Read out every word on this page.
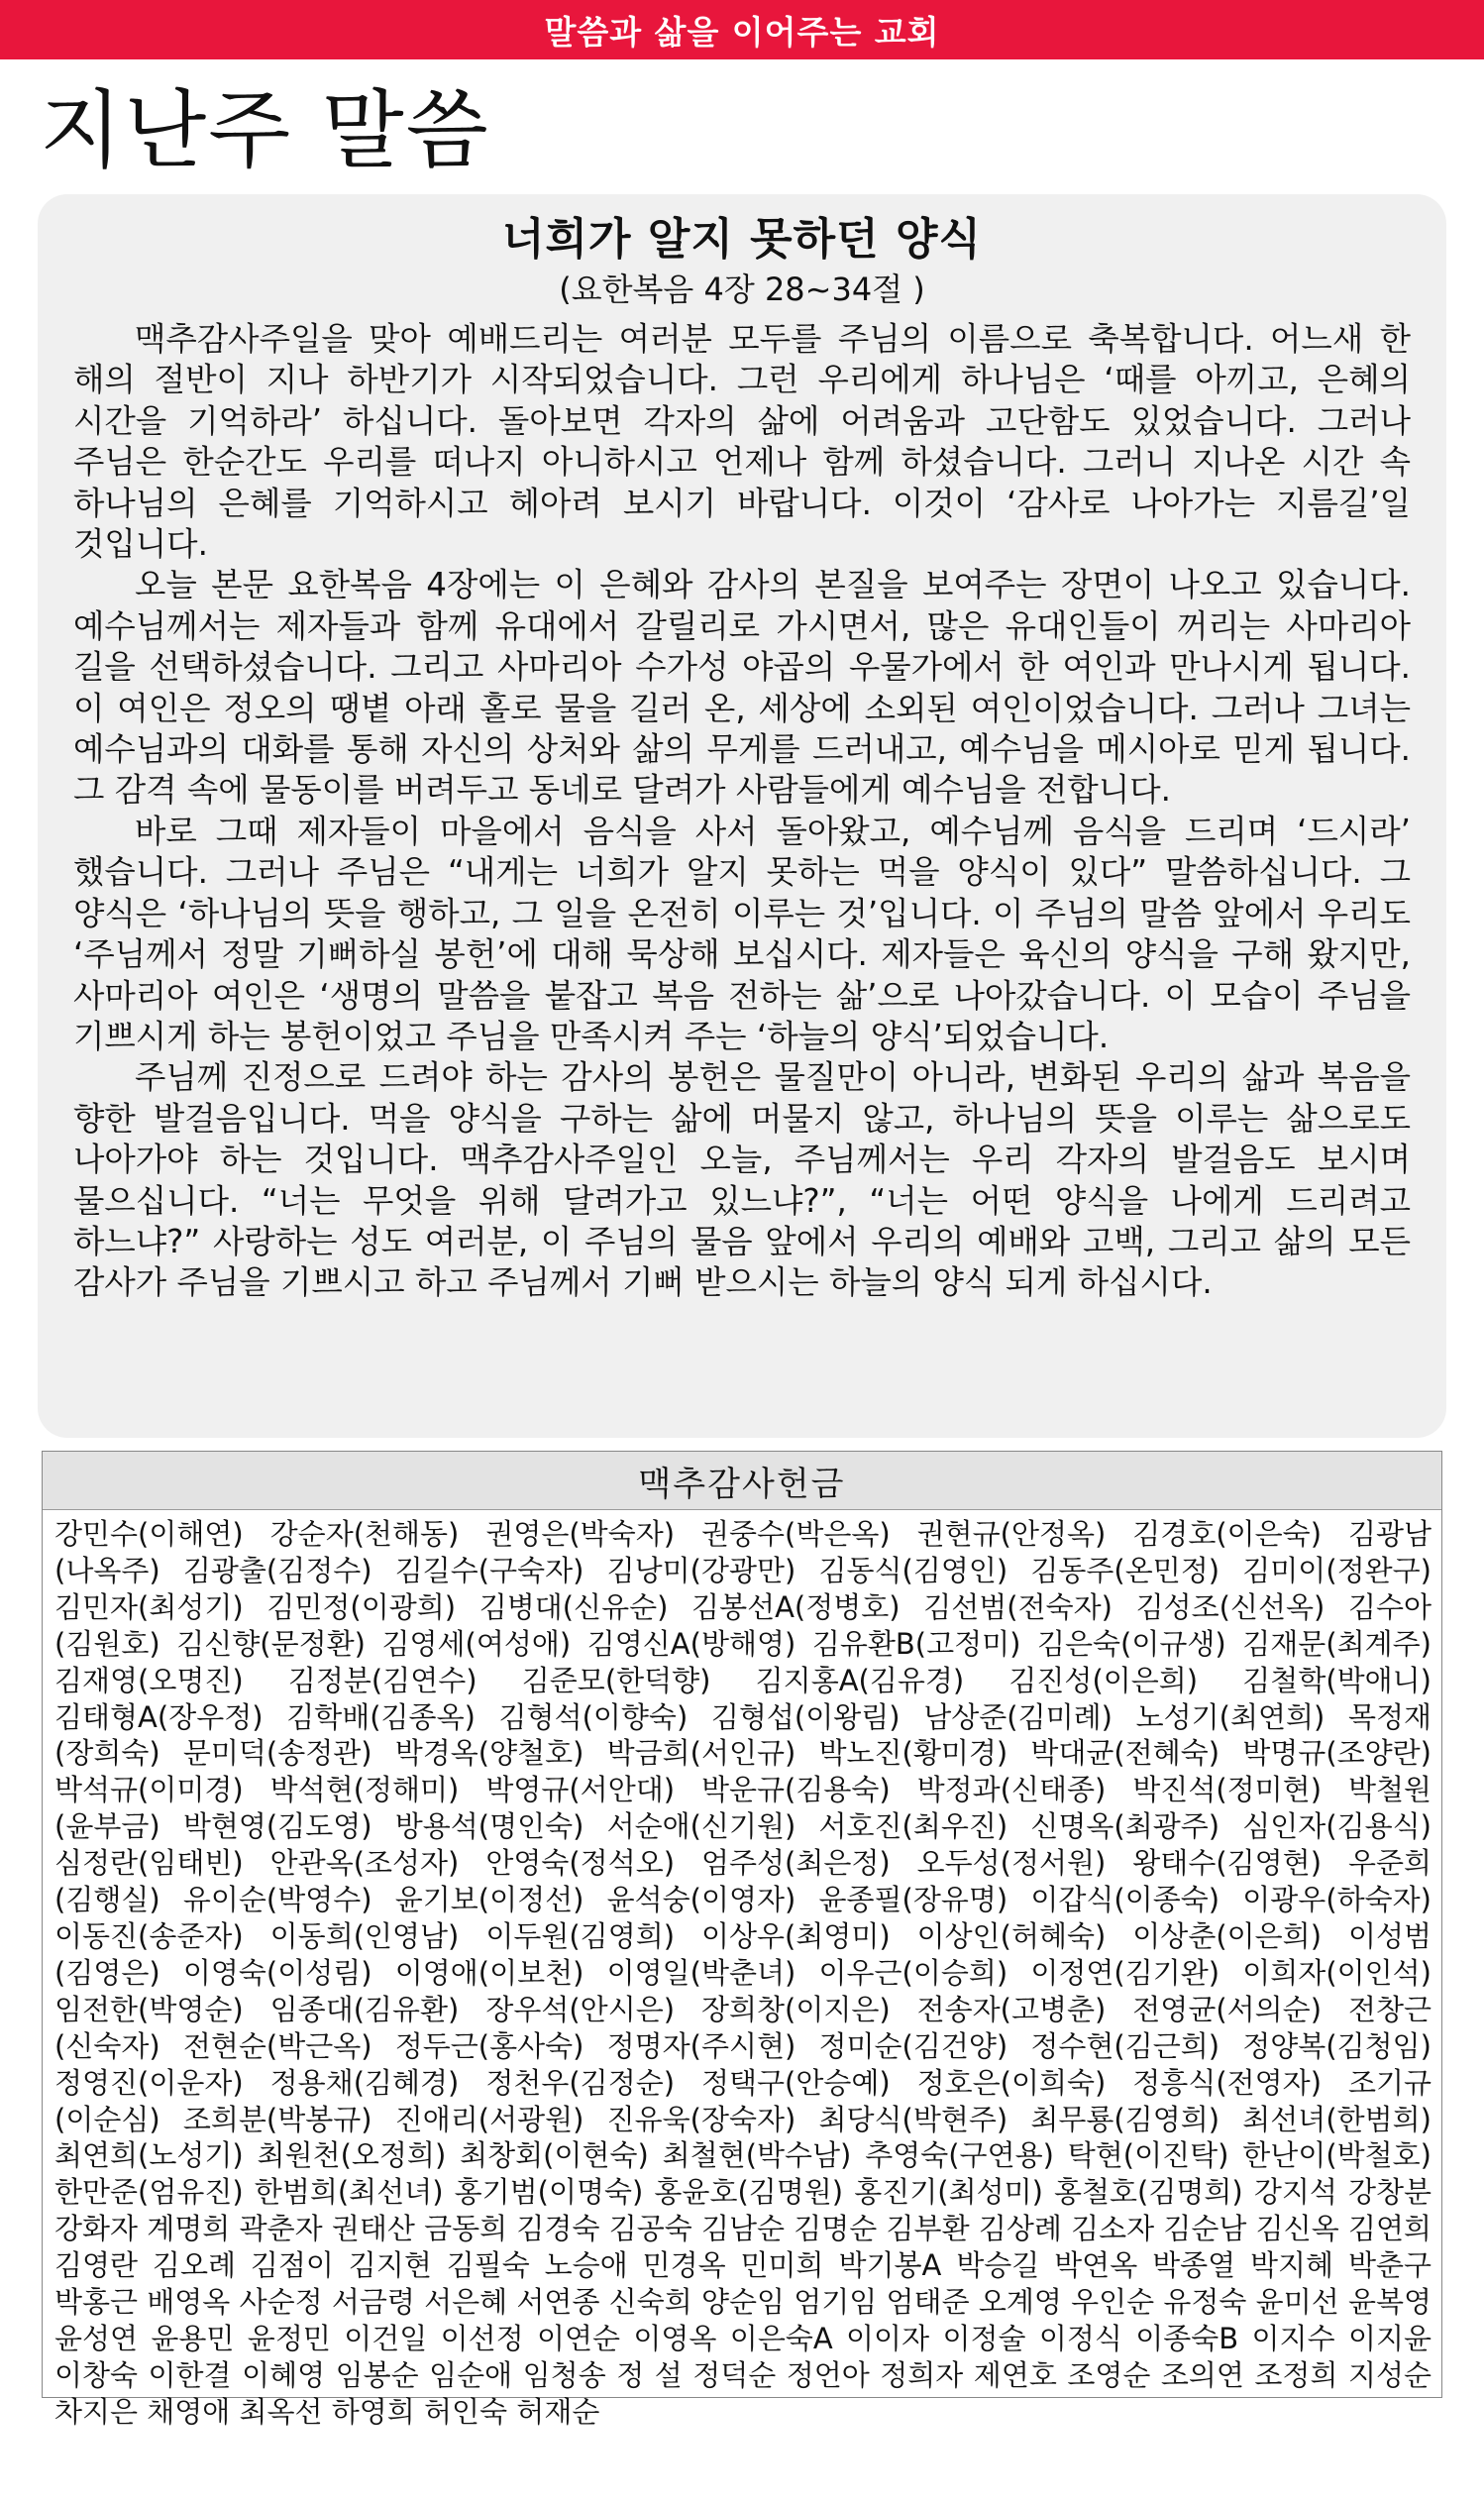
말씀과 삶을 이어주는 교회
지난주 말씀
너희가 알지 못하던 양식
(요한복음 4장 28~34절 )

맥추감사주일을 맞아 예배드리는 여러분 모두를 주님의 이름으로 축복합니다. 어느새 한 해의 절반이 지나 하반기가 시작되었습니다. 그런 우리에게 하나님은 ‘때를 아끼고, 은혜의 시간을 기억하라’ 하십니다. 돌아보면 각자의 삶에 어려움과 고단함도 있었습니다. 그러나 주님은 한순간도 우리를 떠나지 아니하시고 언제나 함께 하셨습니다. 그러니 지나온 시간 속 하나님의 은혜를 기억하시고 헤아려 보시기 바랍니다. 이것이 ‘감사로 나아가는 지름길’일 것입니다.

오늘 본문 요한복음 4장에는 이 은혜와 감사의 본질을 보여주는 장면이 나오고 있습니다. 예수님께서는 제자들과 함께 유대에서 갈릴리로 가시면서, 많은 유대인들이 꺼리는 사마리아 길을 선택하셨습니다. 그리고 사마리아 수가성 야곱의 우물가에서 한 여인과 만나시게 됩니다. 이 여인은 정오의 땡볕 아래 홀로 물을 길러 온, 세상에 소외된 여인이었습니다. 그러나 그녀는 예수님과의 대화를 통해 자신의 상처와 삶의 무게를 드러내고, 예수님을 메시아로 믿게 됩니다. 그 감격 속에 물동이를 버려두고 동네로 달려가 사람들에게 예수님을 전합니다.

바로 그때 제자들이 마을에서 음식을 사서 돌아왔고, 예수님께 음식을 드리며 ‘드시라’ 했습니다. 그러나 주님은 “내게는 너희가 알지 못하는 먹을 양식이 있다” 말씀하십니다. 그 양식은 ‘하나님의 뜻을 행하고, 그 일을 온전히 이루는 것’입니다. 이 주님의 말씀 앞에서 우리도 ‘주님께서 정말 기뻐하실 봉헌’에 대해 묵상해 보십시다. 제자들은 육신의 양식을 구해 왔지만, 사마리아 여인은 ‘생명의 말씀을 붙잡고 복음 전하는 삶’으로 나아갔습니다. 이 모습이 주님을 기쁘시게 하는 봉헌이었고 주님을 만족시켜 주는 ‘하늘의 양식’되었습니다.

주님께 진정으로 드려야 하는 감사의 봉헌은 물질만이 아니라, 변화된 우리의 삶과 복음을 향한 발걸음입니다. 먹을 양식을 구하는 삶에 머물지 않고, 하나님의 뜻을 이루는 삶으로도 나아가야 하는 것입니다. 맥추감사주일인 오늘, 주님께서는 우리 각자의 발걸음도 보시며 물으십니다. “너는 무엇을 위해 달려가고 있느냐?”, “너는 어떤 양식을 나에게 드리려고 하느냐?” 사랑하는 성도 여러분, 이 주님의 물음 앞에서 우리의 예배와 고백, 그리고 삶의 모든 감사가 주님을 기쁘시고 하고 주님께서 기뻐 받으시는 하늘의 양식 되게 하십시다.

맥추감사헌금
강민수(이해연) 강순자(천해동) 권영은(박숙자) 권중수(박은옥) 권현규(안정옥) 김경호(이은숙) 김광남(나옥주) 김광출(김정수) 김길수(구숙자) 김낭미(강광만) 김동식(김영인) 김동주(온민정) 김미이(정완구) 김민자(최성기) 김민정(이광희) 김병대(신유순) 김봉선A(정병호) 김선범(전숙자) 김성조(신선옥) 김수아(김원호) 김신향(문정환) 김영세(여성애) 김영신A(방해영) 김유환B(고정미) 김은숙(이규생) 김재문(최계주) 김재영(오명진) 김정분(김연수) 김준모(한덕향) 김지홍A(김유경) 김진성(이은희) 김철학(박애니) 김태형A(장우정) 김학배(김종옥) 김형석(이향숙) 김형섭(이왕림) 남상준(김미례) 노성기(최연희) 목정재(장희숙) 문미덕(송정관) 박경옥(양철호) 박금희(서인규) 박노진(황미경) 박대균(전혜숙) 박명규(조양란) 박석규(이미경) 박석현(정해미) 박영규(서안대) 박운규(김용숙) 박정과(신태종) 박진석(정미현) 박철원(윤부금) 박현영(김도영) 방용석(명인숙) 서순애(신기원) 서호진(최우진) 신명옥(최광주) 심인자(김용식) 심정란(임태빈) 안관옥(조성자) 안영숙(정석오) 엄주성(최은정) 오두성(정서원) 왕태수(김영현) 우준희(김행실) 유이순(박영수) 윤기보(이정선) 윤석숭(이영자) 윤종필(장유명) 이갑식(이종숙) 이광우(하숙자) 이동진(송준자) 이동희(인영남) 이두원(김영희) 이상우(최영미) 이상인(허혜숙) 이상춘(이은희) 이성범(김영은) 이영숙(이성림) 이영애(이보천) 이영일(박춘녀) 이우근(이승희) 이정연(김기완) 이희자(이인석) 임전한(박영순) 임종대(김유환) 장우석(안시은) 장희창(이지은) 전송자(고병춘) 전영균(서의순) 전창근(신숙자) 전현순(박근옥) 정두근(홍사숙) 정명자(주시현) 정미순(김건양) 정수현(김근희) 정양복(김청임) 정영진(이운자) 정용채(김혜경) 정천우(김정순) 정택구(안승예) 정호은(이희숙) 정흥식(전영자) 조기규(이순심) 조희분(박봉규) 진애리(서광원) 진유욱(장숙자) 최당식(박현주) 최무룡(김영희) 최선녀(한범희) 최연희(노성기) 최원천(오정희) 최창회(이현숙) 최철현(박수남) 추영숙(구연용) 탁현(이진탁) 한난이(박철호) 한만준(엄유진) 한범희(최선녀) 홍기범(이명숙) 홍윤호(김명원) 홍진기(최성미) 홍철호(김명희) 강지석 강창분 강화자 계명희 곽춘자 권태산 금동희 김경숙 김공숙 김남순 김명순 김부환 김상례 김소자 김순남 김신옥 김연희 김영란 김오례 김점이 김지현 김필숙 노승애 민경옥 민미희 박기봉A 박승길 박연옥 박종열 박지혜 박춘구 박홍근 배영옥 사순정 서금령 서은혜 서연종 신숙희 양순임 엄기임 엄태준 오계영 우인순 유정숙 윤미선 윤복영 윤성연 윤용민 윤정민 이건일 이선정 이연순 이영옥 이은숙A 이이자 이정술 이정식 이종숙B 이지수 이지윤 이창숙 이한결 이혜영 임봉순 임순애 임청송 정 설 정덕순 정언아 정희자 제연호 조영순 조의연 조정희 지성순 차지은 채영애 최옥선 하영희 허인숙 허재순
